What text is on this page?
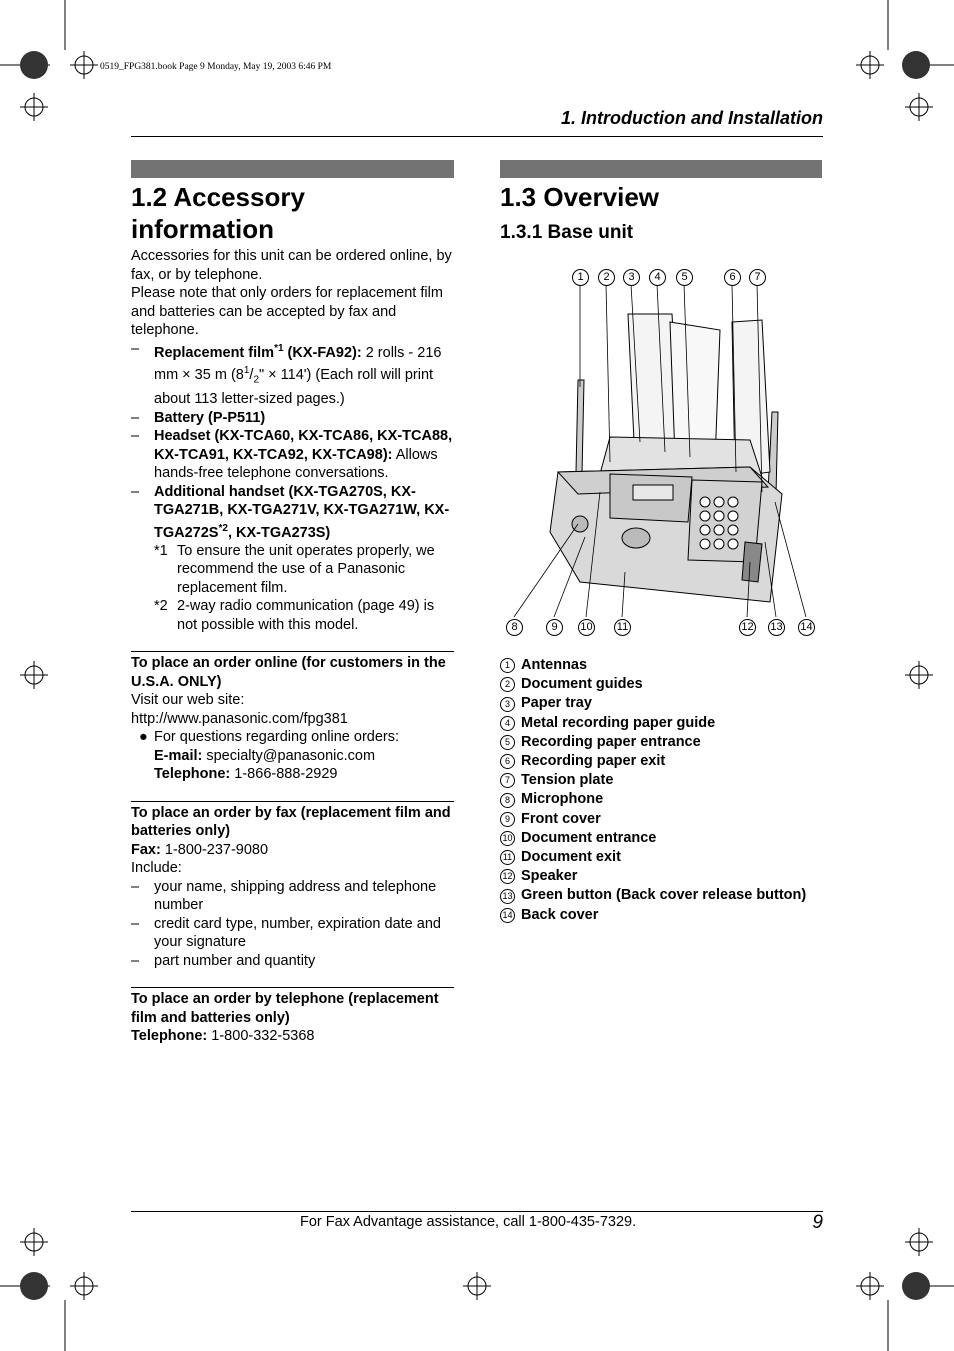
0519_FPG381.book Page 9 Monday, May 19, 2003 6:46 PM
1. Introduction and Installation

1.2 Accessory information

Accessories for this unit can be ordered online, by fax, or by telephone.

Please note that only orders for replacement film and batteries can be accepted by fax and telephone.

– Replacement film$^{*1}$ (KX-FA92): 2 rolls - 216 mm × 35 m ($8^1/_2$" × 114') (Each roll will print about 113 letter-sized pages.)

– Battery (P-P511)

– Headset (KX-TCA60, KX-TCA86, KX-TCA88, KX-TCA91, KX-TCA92, KX-TCA98): Allows hands-free telephone conversations.

– Additional handset (KX-TGA270S, KX-TGA271B, KX-TGA271V, KX-TGA271W, $KX-TGA272S^{*2}$, KX-TGA273S)

*1 To ensure the unit operates properly, we recommend the use of a Panasonic replacement film.

*2 2-way radio communication (page 49) is not possible with this model.

To place an order online (for customers in the U.S.A. ONLY)

Visit our web site:

http://www.panasonic.com/fpg381

● For questions regarding online orders:

E-mail: specialty@panasonic.com

Telephone: 1-866-888-2929

To place an order by fax (replacement film and batteries only)

Fax: 1-800-237-9080

Include:

– your name, shipping address and telephone number

– credit card type, number, expiration date and your signature

– part number and quantity

To place an order by telephone (replacement film and batteries only)

Telephone: 1-800-332-5368

1.3 Overview

1.3.1 Base unit

1	2	3	4	5	6	7
8	9	10 11	12 13 14
1 Antennas
2 Document guides
3 Paper tray
4 Metal recording paper guide
5 Recording paper entrance
6 Recording paper exit
7 Tension plate
8 Microphone
9 Front cover
10 Document entrance
11 Document exit
12 Speaker
13 Green button (Back cover release button)
14 Back cover
For Fax Advantage assistance, call 1-800-435-7329.	9
